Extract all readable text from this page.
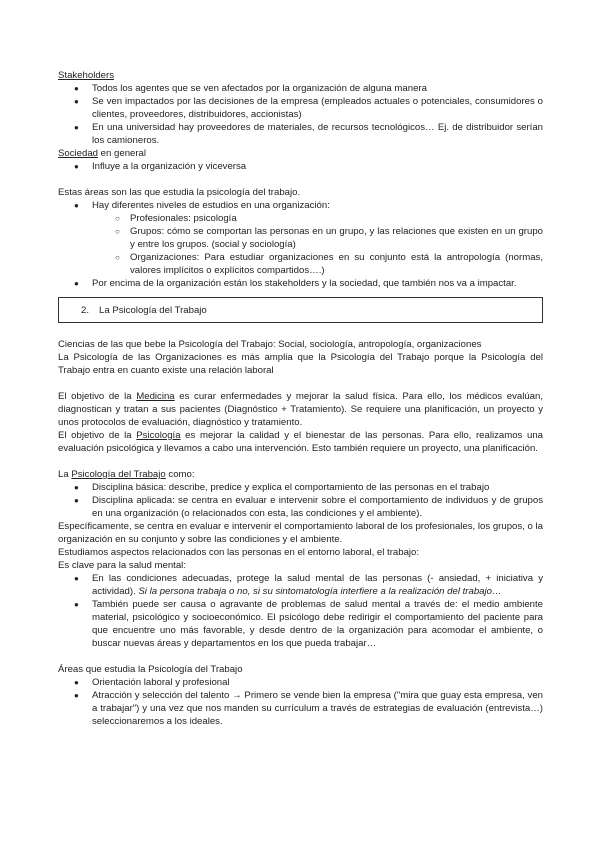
Stakeholders

● Todos los agentes que se ven afectados por la organización de alguna manera
● Se ven impactados por las decisiones de la empresa (empleados actuales o potenciales, consumidores o clientes, proveedores, distribuidores, accionistas)
● En una universidad hay proveedores de materiales, de recursos tecnológicos… Ej. de distribuidor serían los camioneros.

Sociedad en general

● Influye a la organización y viceversa

Estas áreas son las que estudia la psicología del trabajo.

● Hay diferentes niveles de estudios en una organización:
○ Profesionales: psicología
○ Grupos: cómo se comportan las personas en un grupo, y las relaciones que existen en un grupo y entre los grupos. (social y sociología)
○ Organizaciones: Para estudiar organizaciones en su conjunto está la antropología (normas, valores implícitos o explícitos compartidos….)
● Por encima de la organización están los stakeholders y la sociedad, que también nos va a impactar.
2. La Psicología del Trabajo

Ciencias de las que bebe la Psicología del Trabajo: Social, sociología, antropología, organizaciones

La Psicología de las Organizaciones es más amplia que la Psicología del Trabajo porque la Psicología del Trabajo entra en cuanto existe una relación laboral

El objetivo de la Medicina es curar enfermedades y mejorar la salud física. Para ello, los médicos evalúan, diagnostican y tratan a sus pacientes (Diagnóstico + Tratamiento). Se requiere una planificación, un proyecto y unos protocolos de evaluación, diagnóstico y tratamiento.

El objetivo de la Psicología es mejorar la calidad y el bienestar de las personas. Para ello, realizamos una evaluación psicológica y llevamos a cabo una intervención. Esto también requiere un proyecto, una planificación.

La Psicología del Trabajo como:

● Disciplina básica: describe, predice y explica el comportamiento de las personas en el trabajo
● Disciplina aplicada: se centra en evaluar e intervenir sobre el comportamiento de individuos y de grupos en una organización (o relacionados con esta, las condiciones y el ambiente).

Específicamente, se centra en evaluar e intervenir el comportamiento laboral de los profesionales, los grupos, o la organización en su conjunto y sobre las condiciones y el ambiente.

Estudiamos aspectos relacionados con las personas en el entorno laboral, el trabajo:

Es clave para la salud mental:

● En las condiciones adecuadas, protege la salud mental de las personas (- ansiedad, + iniciativa y actividad). Si la persona trabaja o no, si su sintomatología interfiere a la realización del trabajo…
● También puede ser causa o agravante de problemas de salud mental a través de: el medio ambiente material, psicológico y socioeconómico. El psicólogo debe redirigir el comportamiento del paciente para que encuentre uno más favorable, y desde dentro de la organización para acomodar el ambiente, o buscar nuevas áreas y departamentos en los que pueda trabajar…

Áreas que estudia la Psicología del Trabajo

● Orientación laboral y profesional
● Atracción y selección del talento → Primero se vende bien la empresa ("mira que guay esta empresa, ven a trabajar") y una vez que nos manden su currículum a través de estrategias de evaluación (entrevista…) seleccionaremos a los ideales.
